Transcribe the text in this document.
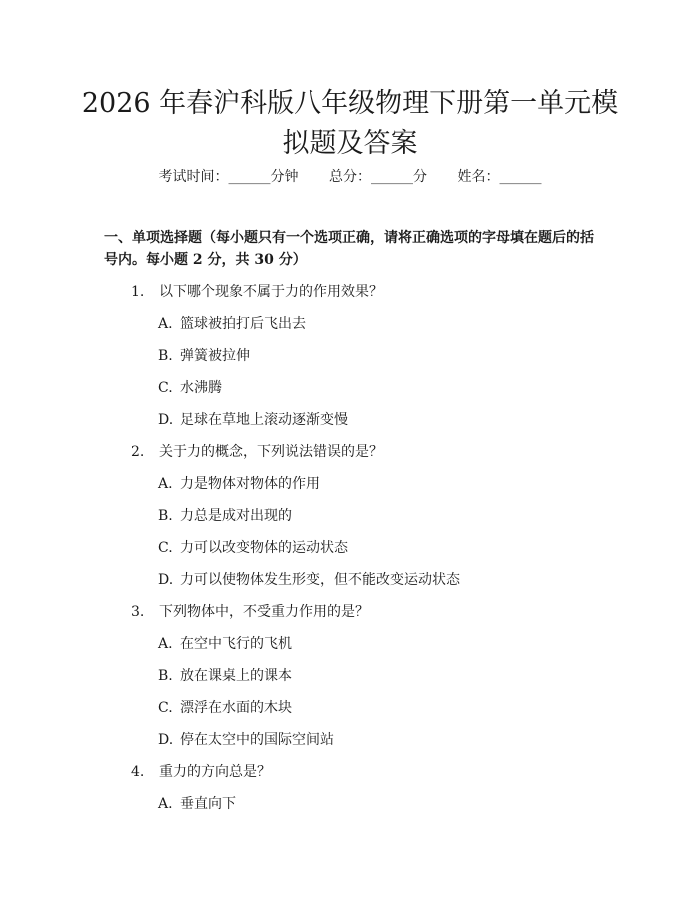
2026 年春沪科版八年级物理下册第一单元模
拟题及答案
考试时间：______分钟 总分：______分 姓名：______

一、单项选择题（每小题只有一个选项正确，请将正确选项的字母填在题后的括号内。每小题 2 分，共 30 分）

1. 以下哪个现象不属于力的作用效果？
A. 篮球被拍打后飞出去
B. 弹簧被拉伸
C. 水沸腾
D. 足球在草地上滚动逐渐变慢
2. 关于力的概念，下列说法错误的是？
A. 力是物体对物体的作用
B. 力总是成对出现的
C. 力可以改变物体的运动状态
D. 力可以使物体发生形变，但不能改变运动状态
3. 下列物体中，不受重力作用的是？
A. 在空中飞行的飞机
B. 放在课桌上的课本
C. 漂浮在水面的木块
D. 停在太空中的国际空间站
4. 重力的方向总是？
A. 垂直向下
